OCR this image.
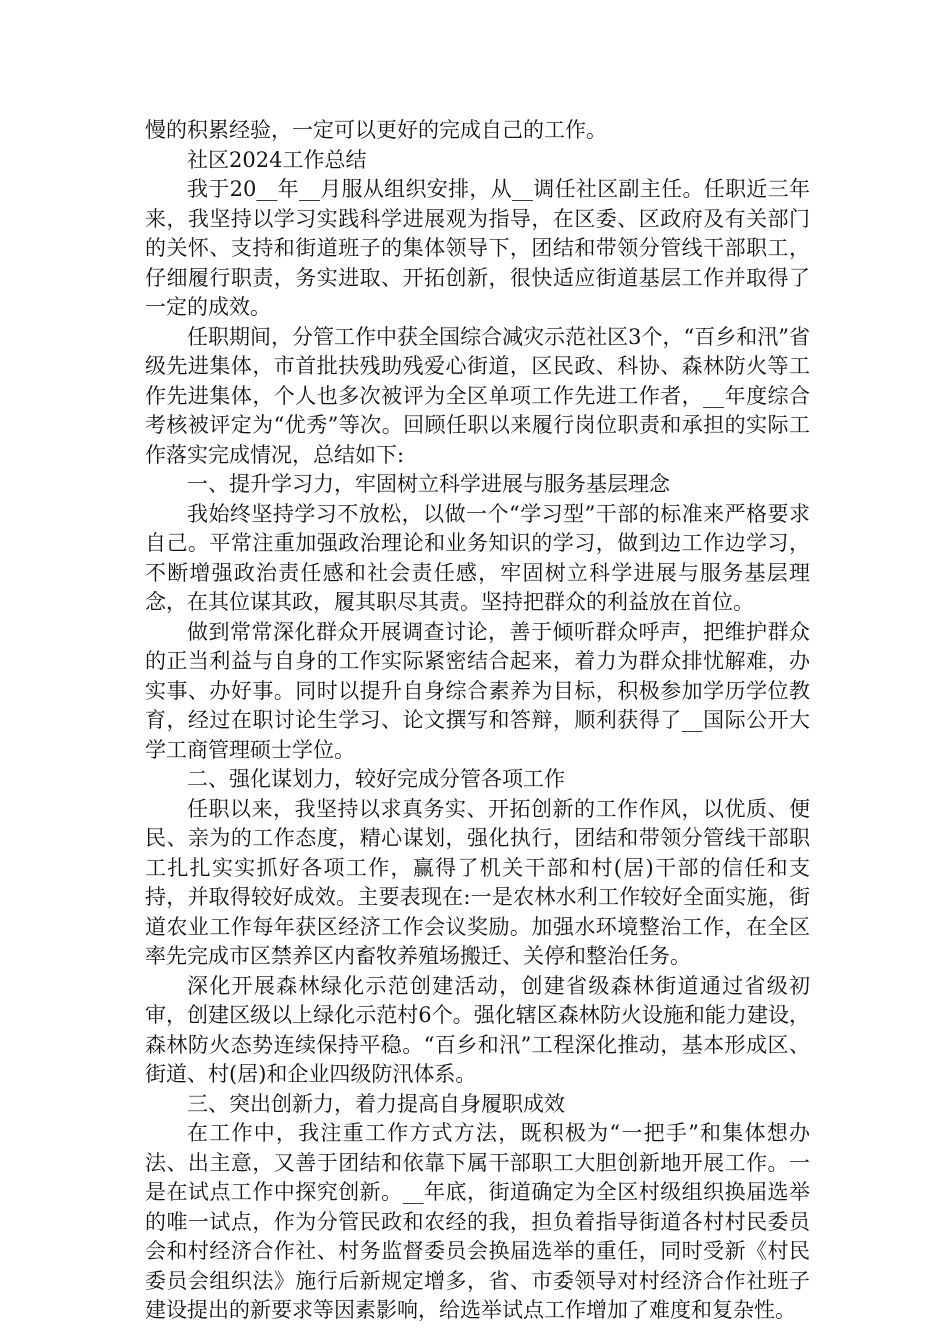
慢的积累经验，一定可以更好的完成自己的工作。

社区2024工作总结

我于20__年__月服从组织安排，从__调任社区副主任。任职近三年来，我坚持以学习实践科学进展观为指导，在区委、区政府及有关部门的关怀、支持和街道班子的集体领导下，团结和带领分管线干部职工，仔细履行职责，务实进取、开拓创新，很快适应街道基层工作并取得了一定的成效。

任职期间，分管工作中获全国综合减灾示范社区3个，“百乡和汛”省级先进集体，市首批扶残助残爱心街道，区民政、科协、森林防火等工作先进集体，个人也多次被评为全区单项工作先进工作者，__年度综合考核被评定为“优秀”等次。回顾任职以来履行岗位职责和承担的实际工作落实完成情况，总结如下:

一、提升学习力，牢固树立科学进展与服务基层理念

我始终坚持学习不放松，以做一个“学习型”干部的标准来严格要求自己。平常注重加强政治理论和业务知识的学习，做到边工作边学习，不断增强政治责任感和社会责任感，牢固树立科学进展与服务基层理念，在其位谋其政，履其职尽其责。坚持把群众的利益放在首位。

做到常常深化群众开展调查讨论，善于倾听群众呼声，把维护群众的正当利益与自身的工作实际紧密结合起来，着力为群众排忧解难，办实事、办好事。同时以提升自身综合素养为目标，积极参加学历学位教育，经过在职讨论生学习、论文撰写和答辩，顺利获得了__国际公开大学工商管理硕士学位。

二、强化谋划力，较好完成分管各项工作

任职以来，我坚持以求真务实、开拓创新的工作作风，以优质、便民、亲为的工作态度，精心谋划，强化执行，团结和带领分管线干部职工扎扎实实抓好各项工作，赢得了机关干部和村(居)干部的信任和支持，并取得较好成效。主要表现在:一是农林水利工作较好全面实施，街道农业工作每年获区经济工作会议奖励。加强水环境整治工作，在全区率先完成市区禁养区内畜牧养殖场搬迁、关停和整治任务。

深化开展森林绿化示范创建活动，创建省级森林街道通过省级初审，创建区级以上绿化示范村6个。强化辖区森林防火设施和能力建设，森林防火态势连续保持平稳。“百乡和汛”工程深化推动，基本形成区、街道、村(居)和企业四级防汛体系。

三、突出创新力，着力提高自身履职成效

在工作中，我注重工作方式方法，既积极为“一把手”和集体想办法、出主意，又善于团结和依靠下属干部职工大胆创新地开展工作。一是在试点工作中探究创新。__年底，街道确定为全区村级组织换届选举的唯一试点，作为分管民政和农经的我，担负着指导街道各村村民委员会和村经济合作社、村务监督委员会换届选举的重任，同时受新《村民委员会组织法》施行后新规定增多，省、市委领导对村经济合作社班子建设提出的新要求等因素影响，给选举试点工作增加了难度和复杂性。
